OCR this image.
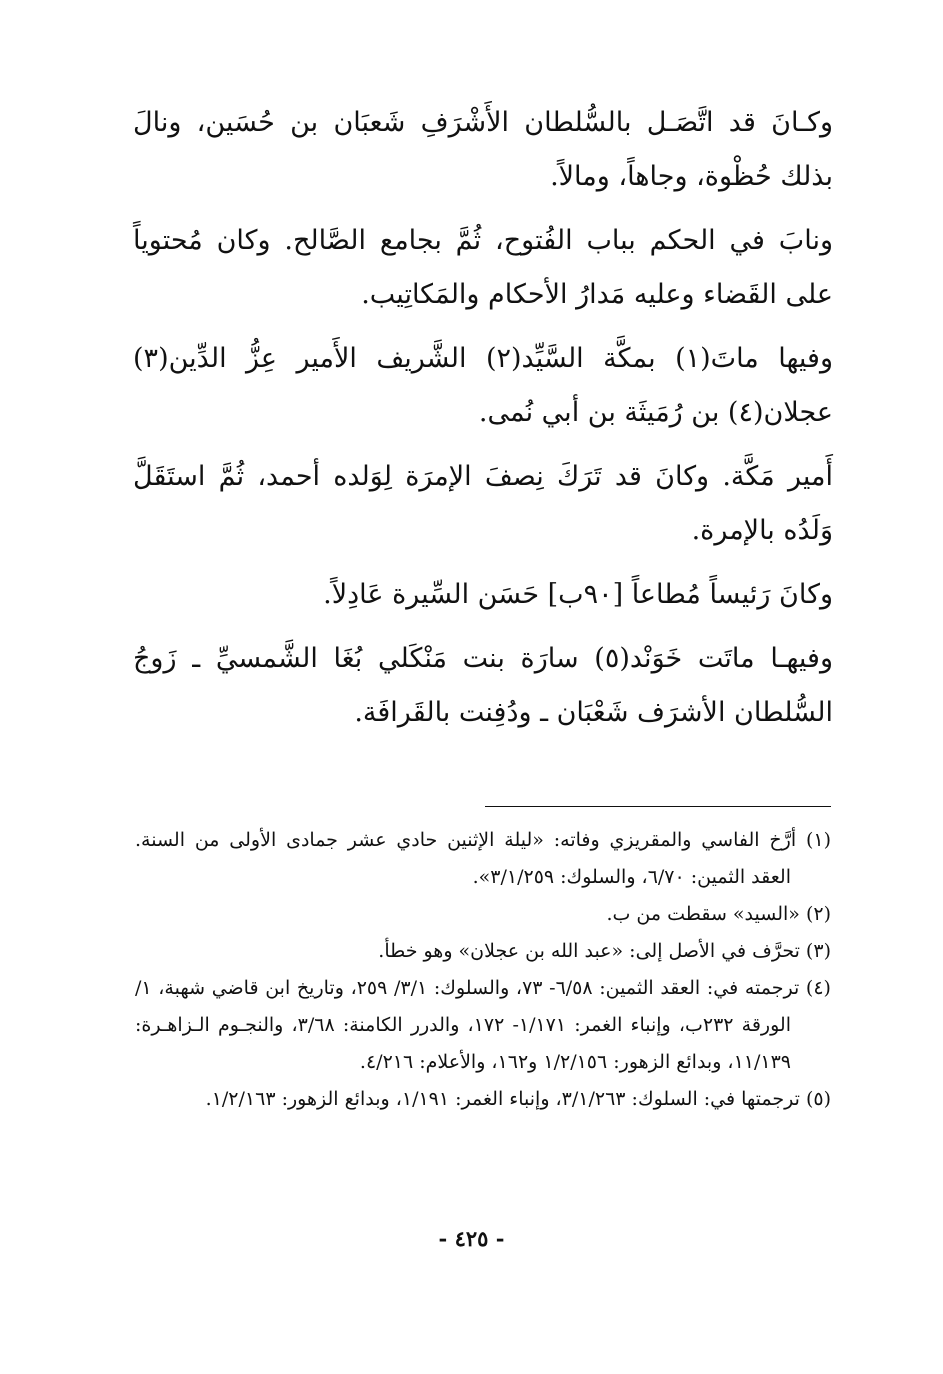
وكـانَ قد اتَّصَـل بالسُّلطان الأَشْرَفِ شَعبَان بن حُسَين، ونالَ بذلك حُظْوة، وجاهاً، ومالاً.

ونابَ في الحكم بباب الفُتوح، ثُمَّ بجامع الصَّالح. وكان مُحتوياً على القَضاء وعليه مَدارُ الأحكام والمَكاتِيب.

وفيها ماتَ(١) بمكَّة السَّيِّد(٢) الشَّريف الأَمير عِزُّ الدِّين(٣) عجلان(٤) بن رُمَيثَة بن أبي نُمى.

أَمير مَكَّة. وكانَ قد تَرَكَ نِصفَ الإمرَة لِوَلده أحمد، ثُمَّ استَقَلَّ وَلَدُه بالإمرة.

وكانَ رَئيساً مُطاعاً [٩٠ب] حَسَن السِّيرة عَادِلاً.

وفيهـا ماتَت خَوَنْد(٥) سارَة بنت مَنْكَلي بُغَا الشَّمسيِّ ـ زَوجُ السُّلطان الأشرَف شَعْبَان ـ ودُفِنت بالقَرافَة.

(١) أرَّخ الفاسي والمقريزي وفاته: «ليلة الإثنين حادي عشر جمادى الأولى من السنة. العقد الثمين: ٦/٧٠، والسلوك: ٣/١/٢٥٩».

(٢) «السيد» سقطت من ب.

(٣) تحرَّف في الأصل إلى: «عبد الله بن عجلان» وهو خطأ.

(٤) ترجمته في: العقد الثمين: ٦/٥٨- ٧٣، والسلوك: ٣/١/ ٢٥٩، وتاريخ ابن قاضي شهبة، ١/الورقة ٢٣٢ب، وإنباء الغمر: ١/١٧١- ١٧٢، والدرر الكامنة: ٣/٦٨، والنجـوم الـزاهـرة: ١١/١٣٩، وبدائع الزهور: ١/٢/١٥٦ و١٦٢، والأعلام: ٤/٢١٦.

(٥) ترجمتها في: السلوك: ٣/١/٢٦٣، وإنباء الغمر: ١/١٩١، وبدائع الزهور: ١/٢/١٦٣.

- ٤٢٥ -
